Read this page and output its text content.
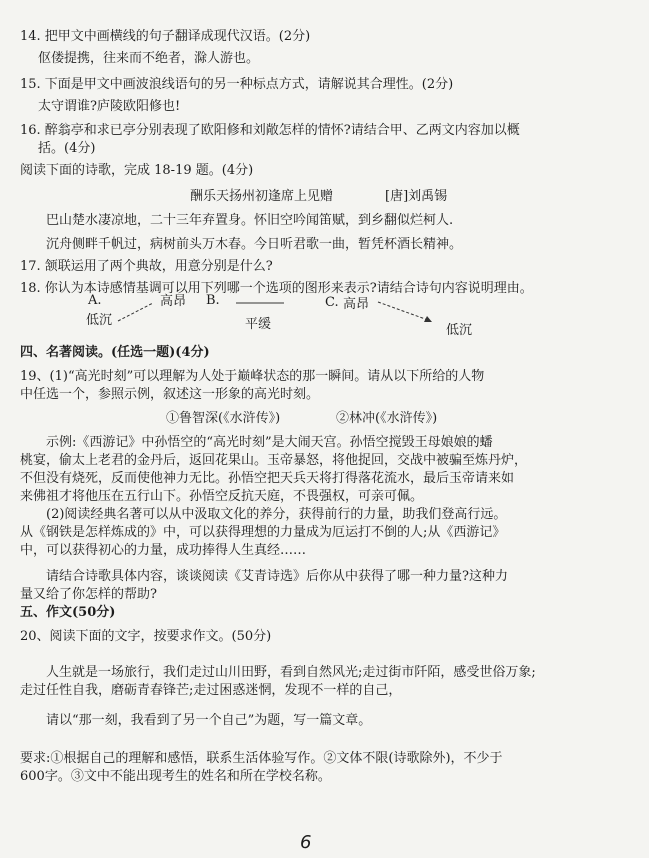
14. 把甲文中画横线的句子翻译成现代汉语。(2分)
伛偻提携，往来而不绝者，滁人游也。
15. 下面是甲文中画波浪线语句的另一种标点方式，请解说其合理性。(2分)
太守谓谁?庐陵欧阳修也!
16. 醉翁亭和求已亭分别表现了欧阳修和刘敞怎样的情怀?请结合甲、乙两文内容加以概
括。(4分)
阅读下面的诗歌，完成 18-19 题。(4分)
酬乐天扬州初逢席上见赠	[唐]刘禹锡
巴山楚水凄凉地，二十三年弃置身。怀旧空吟闻笛赋，到乡翻似烂柯人.
沉舟侧畔千帆过，病树前头万木春。今日听君歌一曲，暂凭杯酒长精神。
17. 颔联运用了两个典故，用意分别是什么?
18. 你认为本诗感情基调可以用下列哪一个选项的图形来表示?请结合诗句内容说明理由。
A.	高昂
低沉
B.
平缓
C. 高昂
低沉
四、名著阅读。(任选一题)(4分)
19、(1)“高光时刻”可以理解为人处于巅峰状态的那一瞬间。请从以下所给的人物
中任选一个，参照示例，叙述这一形象的高光时刻。
①鲁智深(《水浒传》)	②林冲(《水浒传》)
示例:《西游记》中孙悟空的“高光时刻”是大闹天宫。孙悟空搅毁王母娘娘的蟠
桃宴，偷太上老君的金丹后，返回花果山。玉帝暴怒，将他捉回，交战中被骗至炼丹炉，
不但没有烧死，反而使他神力无比。孙悟空把天兵天将打得落花流水，最后玉帝请来如
来佛祖才将他压在五行山下。孙悟空反抗天庭，不畏强权，可亲可佩。
(2)阅读经典名著可以从中汲取文化的养分，获得前行的力量，助我们登高行远。
从《钢铁是怎样炼成的》中，可以获得理想的力量成为厄运打不倒的人;从《西游记》
中，可以获得初心的力量，成功捧得人生真经……
请结合诗歌具体内容，谈谈阅读《艾青诗选》后你从中获得了哪一种力量?这种力
量又给了你怎样的帮助?
五、作文(50分)
20、阅读下面的文字，按要求作文。(50分)
人生就是一场旅行，我们走过山川田野，看到自然风光;走过街市阡陌，感受世俗万象;
走过任性自我，磨砺青春锋芒;走过困惑迷惘，发现不一样的自己，
请以“那一刻，我看到了另一个自己”为题，写一篇文章。
要求:①根据自己的理解和感悟，联系生活体验写作。②文体不限(诗歌除外)，不少于
600字。③文中不能出现考生的姓名和所在学校名称。
6
